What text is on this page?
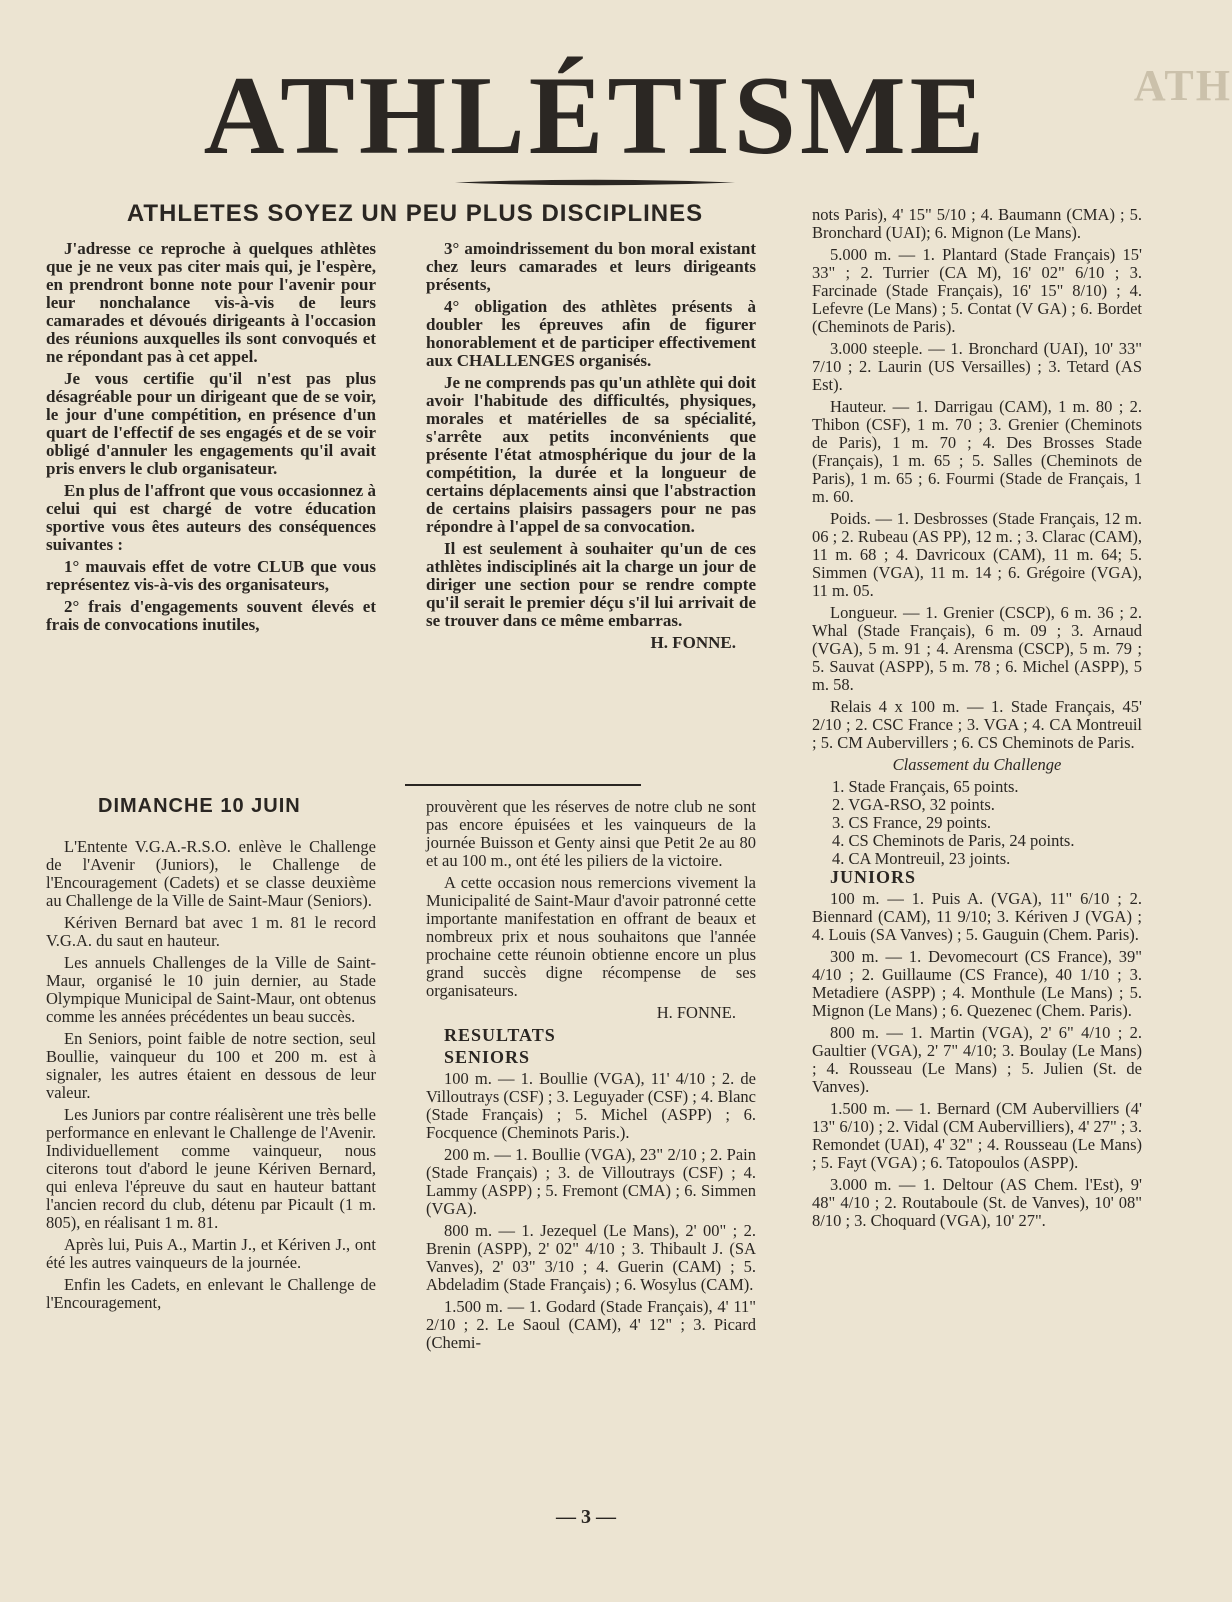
ATHLÉTISME	ATH
ATHLETES SOYEZ UN PEU PLUS DISCIPLINES

J'adresse ce reproche à quelques athlètes que je ne veux pas citer mais qui, je l'espère, en prendront bonne note pour l'avenir pour leur nonchalance vis-à-vis de leurs camarades et dévoués dirigeants à l'occasion des réunions auxquelles ils sont convoqués et ne répondant pas à cet appel.

Je vous certifie qu'il n'est pas plus désagréable pour un dirigeant que de se voir, le jour d'une compétition, en présence d'un quart de l'effectif de ses engagés et de se voir obligé d'annuler les engagements qu'il avait pris envers le club organisateur.

En plus de l'affront que vous occasionnez à celui qui est chargé de votre éducation sportive vous êtes auteurs des conséquences suivantes :

1° mauvais effet de votre CLUB que vous représentez vis-à-vis des organisateurs,

2° frais d'engagements souvent élevés et frais de convocations inutiles,

3° amoindrissement du bon moral existant chez leurs camarades et leurs dirigeants présents,

4° obligation des athlètes présents à doubler les épreuves afin de figurer honorablement et de participer effectivement aux CHALLENGES organisés.

Je ne comprends pas qu'un athlète qui doit avoir l'habitude des difficultés, physiques, morales et matérielles de sa spécialité, s'arrête aux petits inconvénients que présente l'état atmosphérique du jour de la compétition, la durée et la longueur de certains déplacements ainsi que l'abstraction de certains plaisirs passagers pour ne pas répondre à l'appel de sa convocation.

Il est seulement à souhaiter qu'un de ces athlètes indisciplinés ait la charge un jour de diriger une section pour se rendre compte qu'il serait le premier déçu s'il lui arrivait de se trouver dans ce même embarras.

H. FONNE.

DIMANCHE 10 JUIN

L'Entente V.G.A.-R.S.O. enlève le Challenge de l'Avenir (Juniors), le Challenge de l'Encouragement (Cadets) et se classe deuxième au Challenge de la Ville de Saint-Maur (Seniors).

Kériven Bernard bat avec 1 m. 81 le record V.G.A. du saut en hauteur.

Les annuels Challenges de la Ville de Saint-Maur, organisé le 10 juin dernier, au Stade Olympique Municipal de Saint-Maur, ont obtenus comme les années précédentes un beau succès.

En Seniors, point faible de notre section, seul Boullie, vainqueur du 100 et 200 m. est à signaler, les autres étaient en dessous de leur valeur.

Les Juniors par contre réalisèrent une très belle performance en enlevant le Challenge de l'Avenir. Individuellement comme vainqueur, nous citerons tout d'abord le jeune Kériven Bernard, qui enleva l'épreuve du saut en hauteur battant l'ancien record du club, détenu par Picault (1 m. 805), en réalisant 1 m. 81.

Après lui, Puis A., Martin J., et Kériven J., ont été les autres vainqueurs de la journée.

Enfin les Cadets, en enlevant le Challenge de l'Encouragement,

prouvèrent que les réserves de notre club ne sont pas encore épuisées et les vainqueurs de la journée Buisson et Genty ainsi que Petit 2e au 80 et au 100 m., ont été les piliers de la victoire.

A cette occasion nous remercions vivement la Municipalité de Saint-Maur d'avoir patronné cette importante manifestation en offrant de beaux et nombreux prix et nous souhaitons que l'année prochaine cette réunoin obtienne encore un plus grand succès digne récompense de ses organisateurs.

H. FONNE.

RESULTATS

SENIORS

100 m. — 1. Boullie (VGA), 11' 4/10 ; 2. de Villoutrays (CSF) ; 3. Leguyader (CSF) ; 4. Blanc (Stade Français) ; 5. Michel (ASPP) ; 6. Focquence (Cheminots Paris.).

200 m. — 1. Boullie (VGA), 23" 2/10 ; 2. Pain (Stade Français) ; 3. de Villoutrays (CSF) ; 4. Lammy (ASPP) ; 5. Fremont (CMA) ; 6. Simmen (VGA).

800 m. — 1. Jezequel (Le Mans), 2' 00" ; 2. Brenin (ASPP), 2' 02" 4/10 ; 3. Thibault J. (SA Vanves), 2' 03" 3/10 ; 4. Guerin (CAM) ; 5. Abdeladim (Stade Français) ; 6. Wosylus (CAM).

1.500 m. — 1. Godard (Stade Français), 4' 11" 2/10 ; 2. Le Saoul (CAM), 4' 12" ; 3. Picard (Chemi-

nots Paris), 4' 15" 5/10 ; 4. Baumann (CMA) ; 5. Bronchard (UAI); 6. Mignon (Le Mans).

5.000 m. — 1. Plantard (Stade Français) 15' 33" ; 2. Turrier (CA M), 16' 02" 6/10 ; 3. Farcinade (Stade Français), 16' 15" 8/10) ; 4. Lefevre (Le Mans) ; 5. Contat (V GA) ; 6. Bordet (Cheminots de Paris).

3.000 steeple. — 1. Bronchard (UAI), 10' 33" 7/10 ; 2. Laurin (US Versailles) ; 3. Tetard (AS Est).

Hauteur. — 1. Darrigau (CAM), 1 m. 80 ; 2. Thibon (CSF), 1 m. 70 ; 3. Grenier (Cheminots de Paris), 1 m. 70 ; 4. Des Brosses Stade (Français), 1 m. 65 ; 5. Salles (Cheminots de Paris), 1 m. 65 ; 6. Fourmi (Stade de Français, 1 m. 60.

Poids. — 1. Desbrosses (Stade Français, 12 m. 06 ; 2. Rubeau (AS PP), 12 m. ; 3. Clarac (CAM), 11 m. 68 ; 4. Davricoux (CAM), 11 m. 64; 5. Simmen (VGA), 11 m. 14 ; 6. Grégoire (VGA), 11 m. 05.

Longueur. — 1. Grenier (CSCP), 6 m. 36 ; 2. Whal (Stade Français), 6 m. 09 ; 3. Arnaud (VGA), 5 m. 91 ; 4. Arensma (CSCP), 5 m. 79 ; 5. Sauvat (ASPP), 5 m. 78 ; 6. Michel (ASPP), 5 m. 58.

Relais 4 x 100 m. — 1. Stade Français, 45' 2/10 ; 2. CSC France ; 3. VGA ; 4. CA Montreuil ; 5. CM Aubervillers ; 6. CS Cheminots de Paris.

Classement du Challenge

1. Stade Français, 65 points.

2. VGA-RSO, 32 points.

3. CS France, 29 points.

4. CS Cheminots de Paris, 24 points.

4. CA Montreuil, 23 joints.

JUNIORS

100 m. — 1. Puis A. (VGA), 11" 6/10 ; 2. Biennard (CAM), 11 9/10; 3. Kériven J (VGA) ; 4. Louis (SA Vanves) ; 5. Gauguin (Chem. Paris).

300 m. — 1. Devomecourt (CS France), 39" 4/10 ; 2. Guillaume (CS France), 40 1/10 ; 3. Metadiere (ASPP) ; 4. Monthule (Le Mans) ; 5. Mignon (Le Mans) ; 6. Quezenec (Chem. Paris).

800 m. — 1. Martin (VGA), 2' 6" 4/10 ; 2. Gaultier (VGA), 2' 7" 4/10; 3. Boulay (Le Mans) ; 4. Rousseau (Le Mans) ; 5. Julien (St. de Vanves).

1.500 m. — 1. Bernard (CM Aubervilliers (4' 13" 6/10) ; 2. Vidal (CM Aubervilliers), 4' 27" ; 3. Remondet (UAI), 4' 32" ; 4. Rousseau (Le Mans) ; 5. Fayt (VGA) ; 6. Tatopoulos (ASPP).

3.000 m. — 1. Deltour (AS Chem. l'Est), 9' 48" 4/10 ; 2. Routaboule (St. de Vanves), 10' 08" 8/10 ; 3. Choquard (VGA), 10' 27".

— 3 —
